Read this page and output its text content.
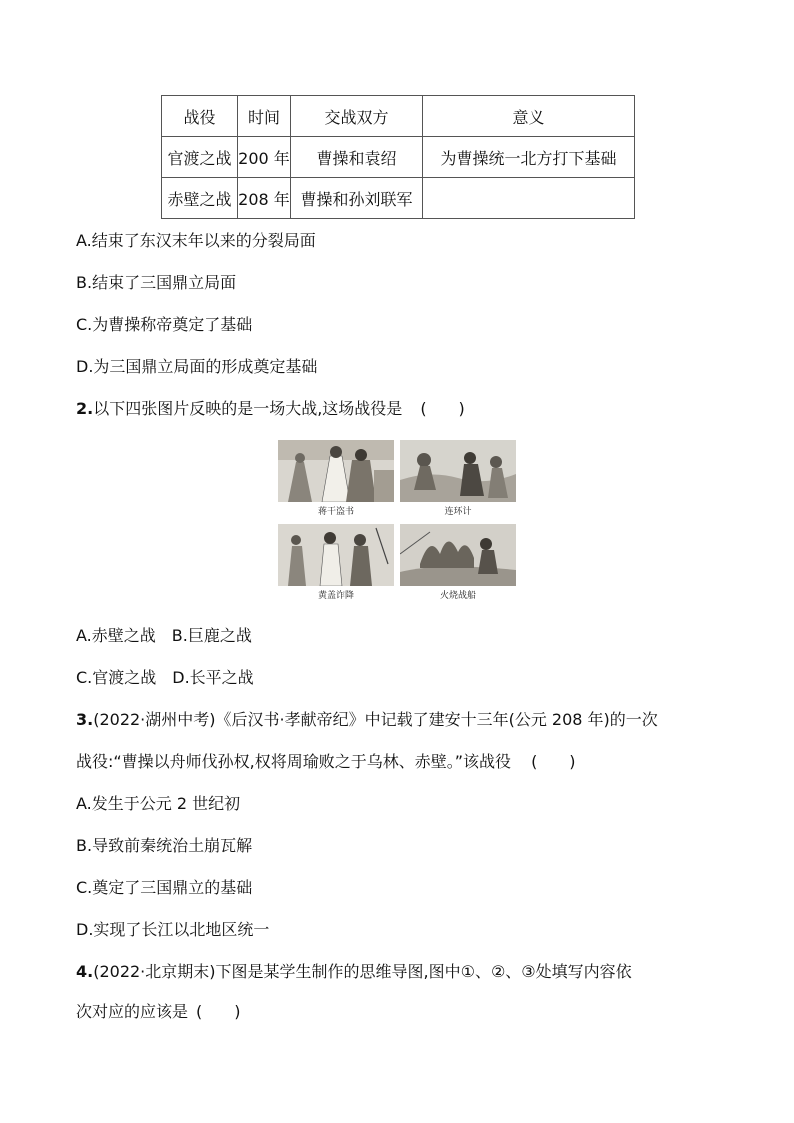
战役	时间	交战双方	意义
官渡之战	200 年	曹操和袁绍	为曹操统一北方打下基础
赤壁之战	208 年	曹操和孙刘联军	
A.结束了东汉末年以来的分裂局面
B.结束了三国鼎立局面
C.为曹操称帝奠定了基础
D.为三国鼎立局面的形成奠定基础
2.以下四张图片反映的是一场大战,这场战役是 (　　)
蒋干盗书	连环计
黄盖诈降	火烧战船
A.赤壁之战　B.巨鹿之战
C.官渡之战　D.长平之战
3.(2022·湖州中考)《后汉书·孝献帝纪》中记载了建安十三年(公元 208 年)的一次
战役:“曹操以舟师伐孙权,权将周瑜败之于乌林、赤壁。”该战役 (　　)
A.发生于公元 2 世纪初
B.导致前秦统治土崩瓦解
C.奠定了三国鼎立的基础
D.实现了长江以北地区统一
4.(2022·北京期末)下图是某学生制作的思维导图,图中①、②、③处填写内容依
次对应的应该是 (　　)
